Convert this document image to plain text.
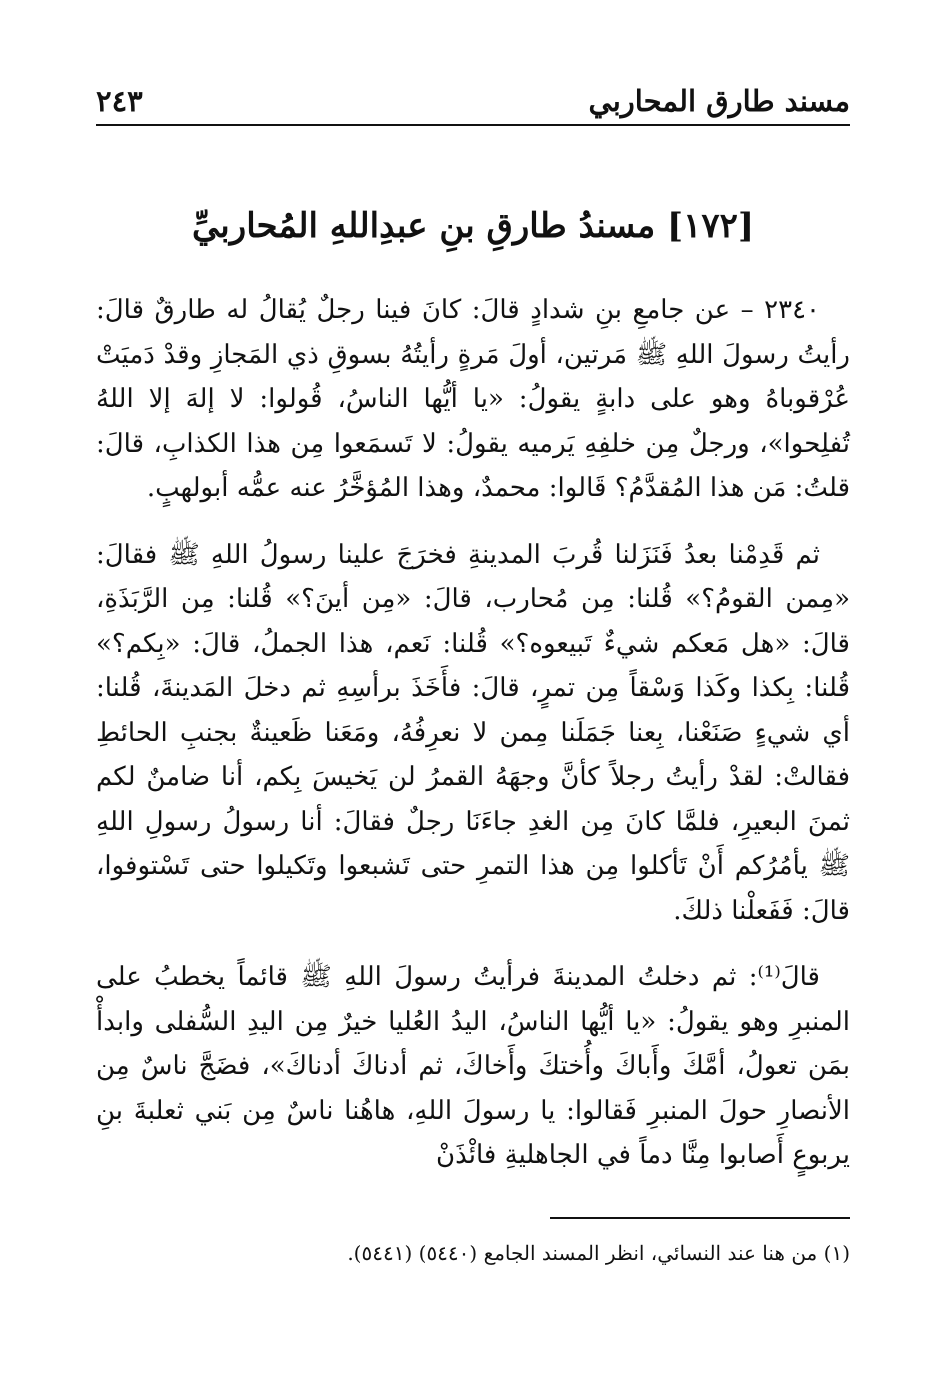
مسند طارق المحاربي
٢٤٣
[١٧٢] مسندُ طارقِ بنِ عبدِاللهِ المُحاربيِّ

٢٣٤٠ – عن جامعِ بنِ شدادٍ قالَ: كانَ فينا رجلٌ يُقالُ له طارقٌ قالَ: رأيتُ رسولَ اللهِ ﷺ مَرتين، أولَ مَرةٍ رأيتُهُ بسوقِ ذي المَجازِ وقدْ دَميَتْ عُرْقوباهُ وهو على دابةٍ يقولُ: «يا أيُّها الناسُ، قُولوا: لا إلهَ إلا اللهُ تُفلِحوا»، ورجلٌ مِن خلفِهِ يَرميه يقولُ: لا تَسمَعوا مِن هذا الكذابِ، قالَ: قلتُ: مَن هذا المُقدَّمُ؟ قَالوا: محمدٌ، وهذا المُؤخَّرُ عنه عمُّه أبولهبٍ.

ثم قَدِمْنا بعدُ فَنَزَلنا قُربَ المدينةِ فخرَجَ علينا رسولُ اللهِ ﷺ فقالَ: «مِمن القومُ؟» قُلنا: مِن مُحارب، قالَ: «مِن أينَ؟» قُلنا: مِن الرَّبَذَةِ، قالَ: «هل مَعكم شيءٌ تَبيعوه؟» قُلنا: نَعم، هذا الجملُ، قالَ: «بِكم؟» قُلنا: بِكذا وكَذا وَسْقاً مِن تمرٍ، قالَ: فأَخَذَ برأسِهِ ثم دخلَ المَدينةَ، قُلنا: أي شيءٍ صَنَعْنا، بِعنا جَمَلَنا مِمن لا نعرِفُهُ، ومَعَنا ظَعينةٌ بجنبِ الحائطِ فقالتْ: لقدْ رأيتُ رجلاً كأنَّ وجهَهُ القمرُ لن يَخيسَ بِكم، أنا ضامنٌ لكم ثمنَ البعيرِ، فلمَّا كانَ مِن الغدِ جاءَنَا رجلٌ فقالَ: أنا رسولُ رسولِ اللهِ ﷺ يأمُرُكم أَنْ تَأكلوا مِن هذا التمرِ حتى تَشبعوا وتَكيلوا حتى تَسْتوفوا، قالَ: فَفَعلْنا ذلكَ.

قالَ⁽¹⁾: ثم دخلتُ المدينةَ فرأيتُ رسولَ اللهِ ﷺ قائماً يخطبُ على المنبرِ وهو يقولُ: «يا أيُّها الناسُ، اليدُ العُليا خيرٌ مِن اليدِ السُّفلى وابدأْ بمَن تعولُ، أمَّكَ وأَباكَ وأُختكَ وأَخاكَ، ثم أدناكَ أدناكَ»، فضَجَّ ناسٌ مِن الأنصارِ حولَ المنبرِ فَقالوا: يا رسولَ اللهِ، هاهُنا ناسٌ مِن بَني ثعلبةَ بنِ يربوعٍ أَصابوا مِنَّا دماً في الجاهليةِ فائْذَنْ

(١) من هنا عند النسائي، انظر المسند الجامع (٥٤٤٠) (٥٤٤١).
